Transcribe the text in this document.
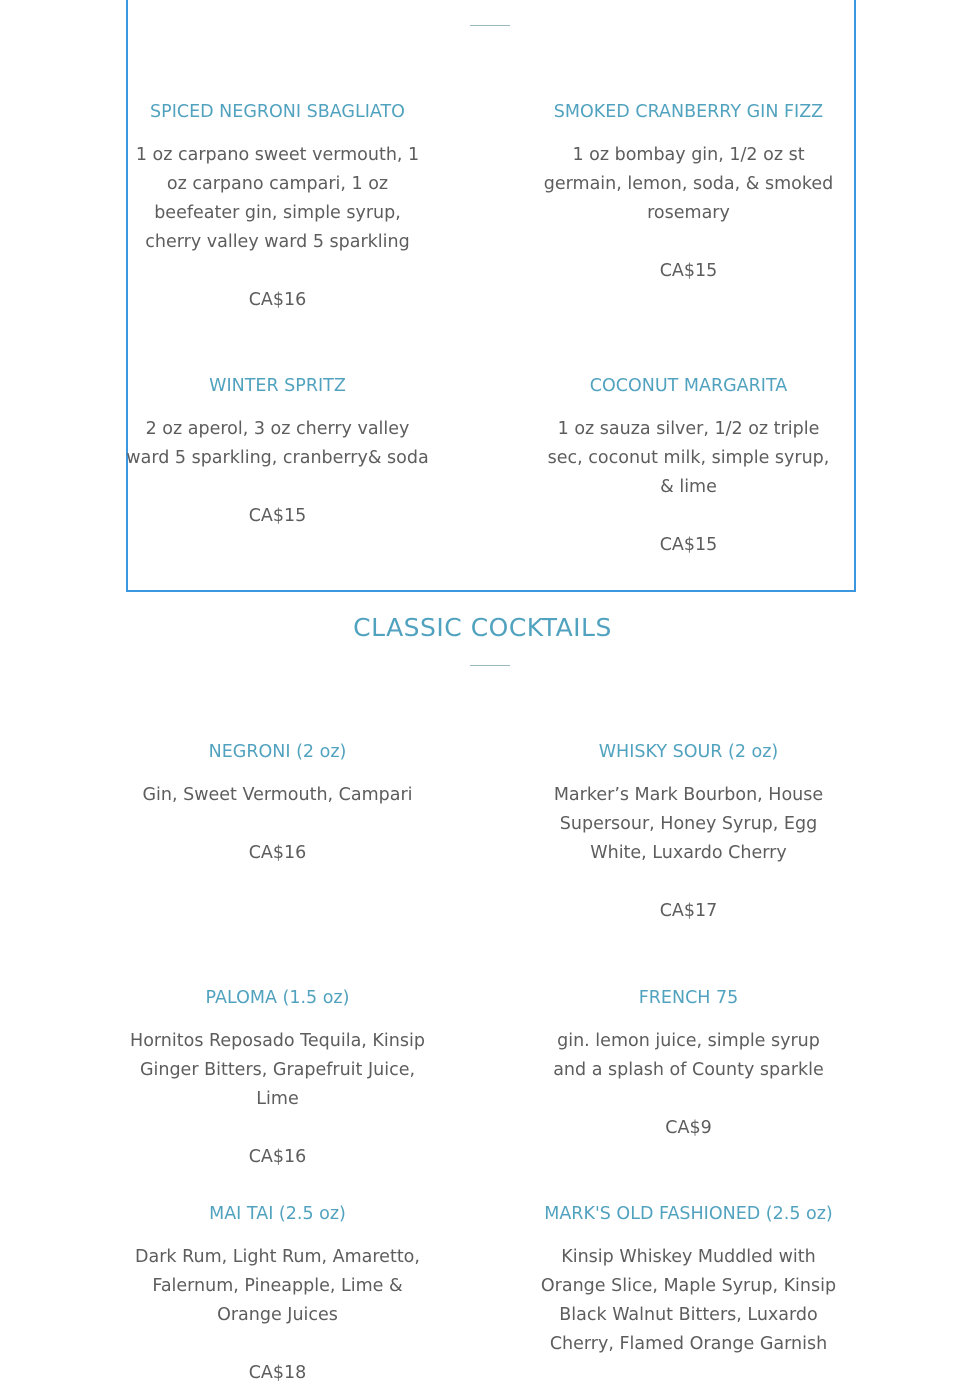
SPICED NEGRONI SBAGLIATO

1 oz carpano sweet vermouth, 1 oz carpano campari, 1 oz beefeater gin, simple syrup, cherry valley ward 5 sparkling

CA$16

SMOKED CRANBERRY GIN FIZZ

1 oz bombay gin, 1/2 oz st germain, lemon, soda, & smoked rosemary

CA$15

WINTER SPRITZ

2 oz aperol, 3 oz cherry valley ward 5 sparkling, cranberry& soda

CA$15

COCONUT MARGARITA

1 oz sauza silver, 1/2 oz triple sec, coconut milk, simple syrup, & lime

CA$15

CLASSIC COCKTAILS

NEGRONI (2 oz)

Gin, Sweet Vermouth, Campari

CA$16

WHISKY SOUR (2 oz)

Marker’s Mark Bourbon, House Supersour, Honey Syrup, Egg White, Luxardo Cherry

CA$17

PALOMA (1.5 oz)

Hornitos Reposado Tequila, Kinsip Ginger Bitters, Grapefruit Juice, Lime

CA$16

FRENCH 75

gin. lemon juice, simple syrup and a splash of County sparkle

CA$9

MAI TAI (2.5 oz)

Dark Rum, Light Rum, Amaretto, Falernum, Pineapple, Lime & Orange Juices

CA$18

MARK'S OLD FASHIONED (2.5 oz)

Kinsip Whiskey Muddled with Orange Slice, Maple Syrup, Kinsip Black Walnut Bitters, Luxardo Cherry, Flamed Orange Garnish
